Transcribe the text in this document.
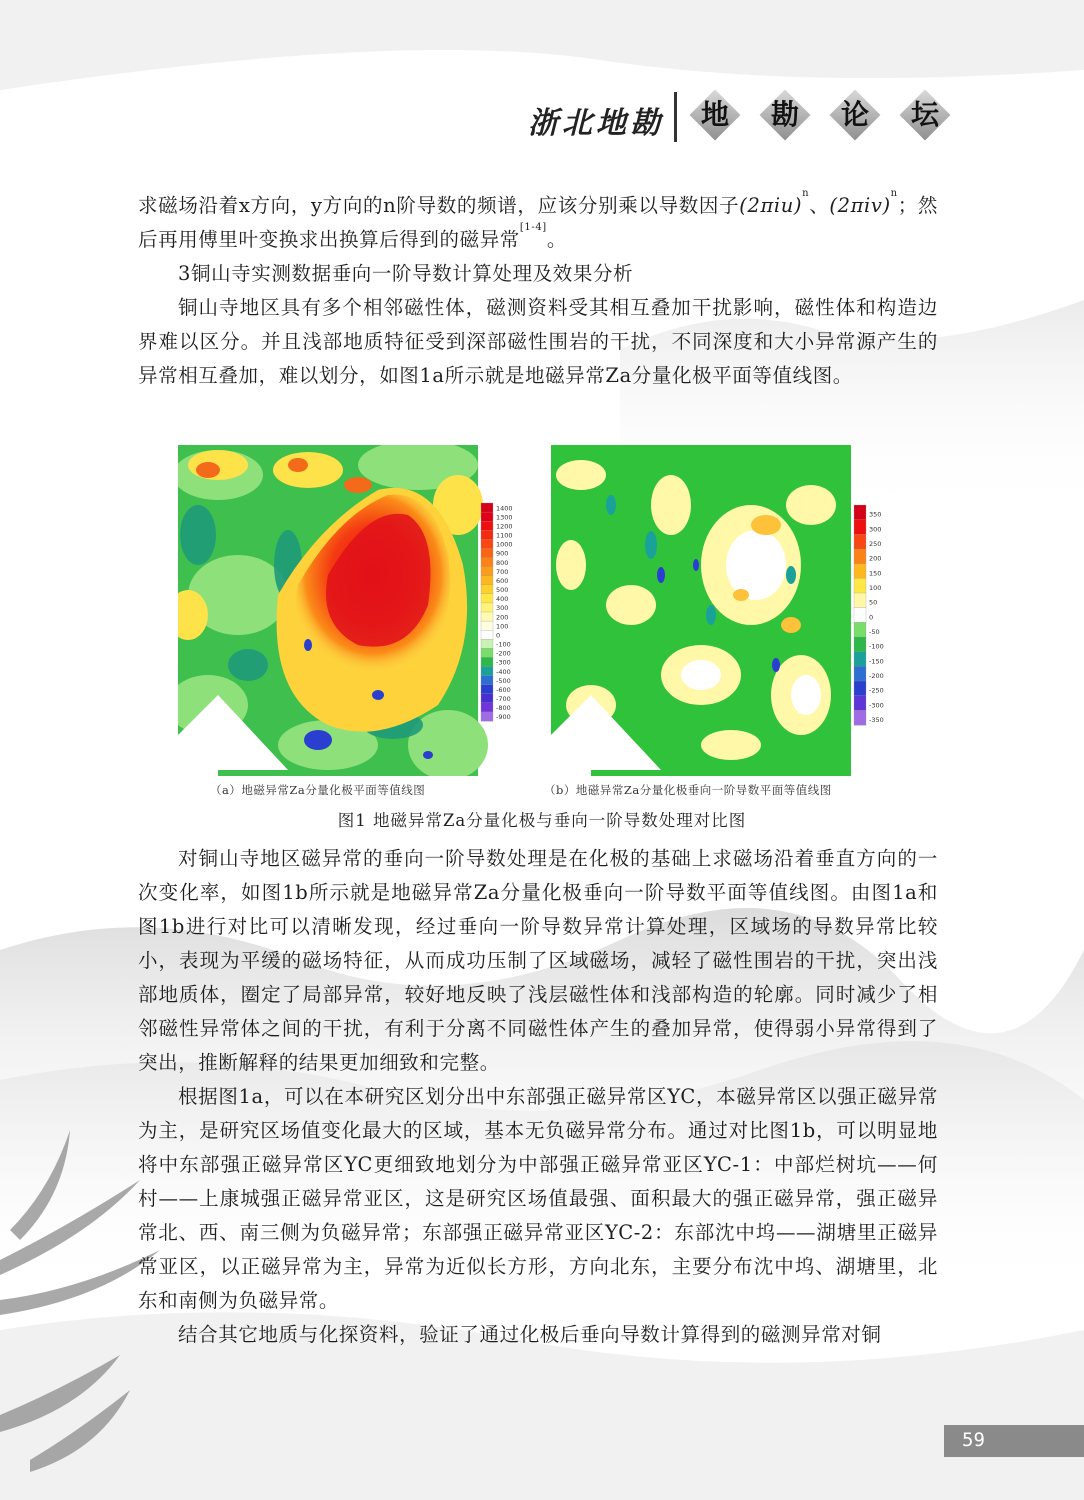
浙北地勘	地	勘	论	坛

求磁场沿着x方向，y方向的n阶导数的频谱，应该分别乘以导数因子$(2\pi iu)^n$、$(2\pi iv)^n$；然后再用傅里叶变换求出换算后得到的磁异常[1-4]。

3铜山寺实测数据垂向一阶导数计算处理及效果分析

铜山寺地区具有多个相邻磁性体，磁测资料受其相互叠加干扰影响，磁性体和构造边界难以区分。并且浅部地质特征受到深部磁性围岩的干扰，不同深度和大小异常源产生的异常相互叠加，难以划分，如图1a所示就是地磁异常Za分量化极平面等值线图。

1400
1300
1200
1100
1000
900
800
700
600
500
400
300
200
100
0
-100
-200
-300
-400
-500
-600
-700
-800
-900
350
300
250
200
150
100
50
0
-50
-100
-150
-200
-250
-300
-350
（a）地磁异常Za分量化极平面等值线图	（b）地磁异常Za分量化极垂向一阶导数平面等值线图
图1 地磁异常Za分量化极与垂向一阶导数处理对比图

对铜山寺地区磁异常的垂向一阶导数处理是在化极的基础上求磁场沿着垂直方向的一次变化率，如图1b所示就是地磁异常Za分量化极垂向一阶导数平面等值线图。由图1a和图1b进行对比可以清晰发现，经过垂向一阶导数异常计算处理，区域场的导数异常比较小，表现为平缓的磁场特征，从而成功压制了区域磁场，减轻了磁性围岩的干扰，突出浅部地质体，圈定了局部异常，较好地反映了浅层磁性体和浅部构造的轮廓。同时减少了相邻磁性异常体之间的干扰，有利于分离不同磁性体产生的叠加异常，使得弱小异常得到了突出，推断解释的结果更加细致和完整。

根据图1a，可以在本研究区划分出中东部强正磁异常区YC，本磁异常区以强正磁异常为主，是研究区场值变化最大的区域，基本无负磁异常分布。通过对比图1b，可以明显地将中东部强正磁异常区YC更细致地划分为中部强正磁异常亚区YC-1：中部烂树坑——何村——上康城强正磁异常亚区，这是研究区场值最强、面积最大的强正磁异常，强正磁异常北、西、南三侧为负磁异常；东部强正磁异常亚区YC-2：东部沈中坞——湖塘里正磁异常亚区，以正磁异常为主，异常为近似长方形，方向北东，主要分布沈中坞、湖塘里，北东和南侧为负磁异常。

结合其它地质与化探资料，验证了通过化极后垂向导数计算得到的磁测异常对铜

59
